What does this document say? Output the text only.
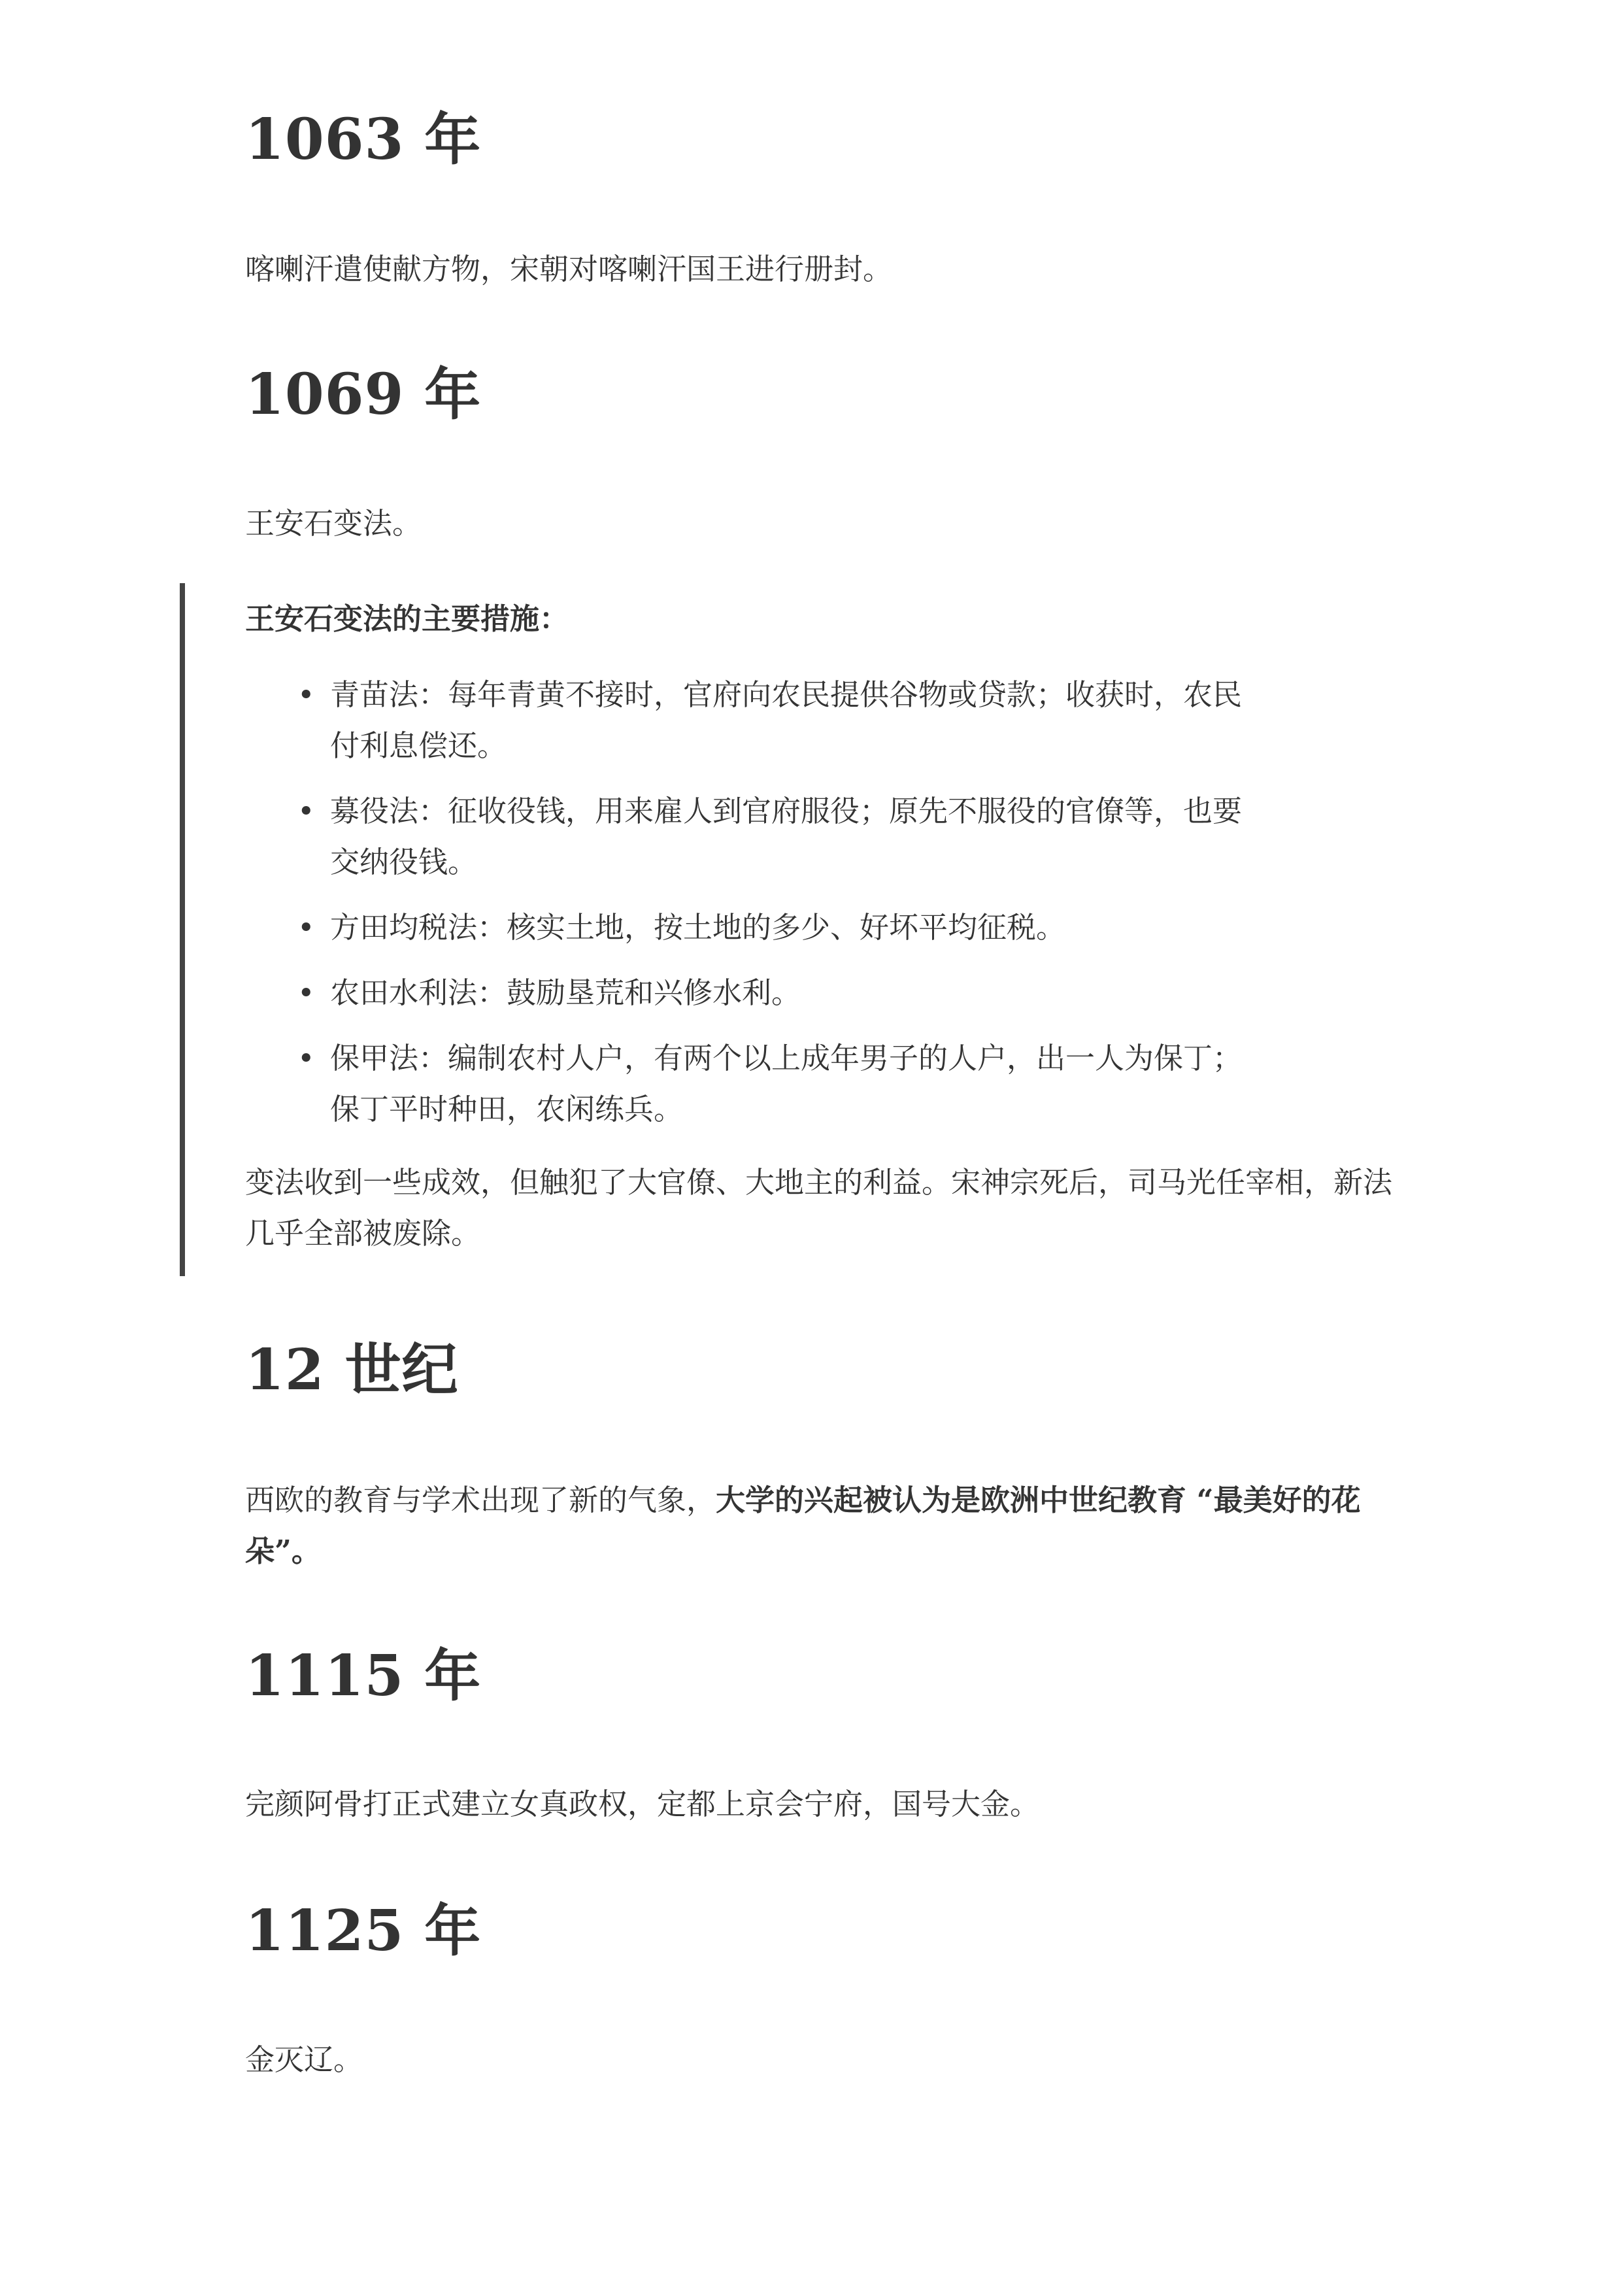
1063 年

喀喇汗遣使献方物，宋朝对喀喇汗国王进行册封。

1069 年

王安石变法。

王安石变法的主要措施：

• 青苗法：每年青黄不接时，官府向农民提供谷物或贷款；收获时，农民付利息偿还。
• 募役法：征收役钱，用来雇人到官府服役；原先不服役的官僚等，也要交纳役钱。
• 方田均税法：核实土地，按土地的多少、好坏平均征税。
• 农田水利法：鼓励垦荒和兴修水利。
• 保甲法：编制农村人户，有两个以上成年男子的人户，出一人为保丁；保丁平时种田，农闲练兵。

变法收到一些成效，但触犯了大官僚、大地主的利益。宋神宗死后，司马光任宰相，新法几乎全部被废除。

12 世纪

西欧的教育与学术出现了新的气象，大学的兴起被认为是欧洲中世纪教育 “最美好的花朵”。

1115 年

完颜阿骨打正式建立女真政权，定都上京会宁府，国号大金。

1125 年

金灭辽。
